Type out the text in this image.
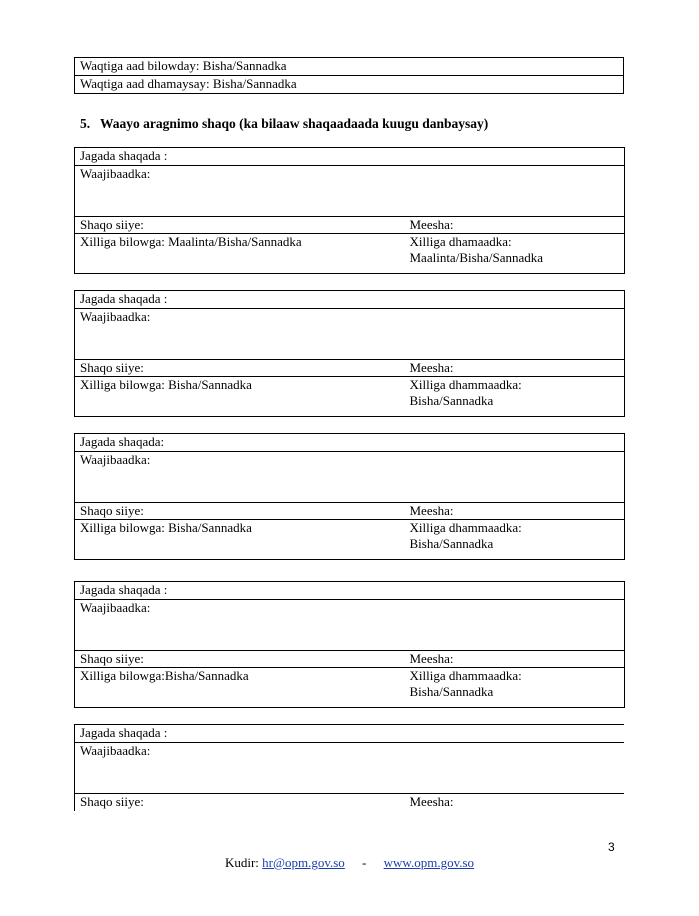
Waqtiga aad bilowday: Bisha/Sannadka
Waqtiga aad dhamaysay: Bisha/Sannadka
5. Waayo aragnimo shaqo (ka bilaaw shaqaadaada kuugu danbaysay)
Jagada shaqada :	
Waajibaadka:	
Shaqo siiye:	Meesha:
Xilliga bilowga: Maalinta/Bisha/Sannadka	Xilliga dhamaadka:
Maalinta/Bisha/Sannadka
Jagada shaqada :	
Waajibaadka:	
Shaqo siiye:	Meesha:
Xilliga bilowga: Bisha/Sannadka	Xilliga dhammaadka:
Bisha/Sannadka
Jagada shaqada:	
Waajibaadka:	
Shaqo siiye:	Meesha:
Xilliga bilowga: Bisha/Sannadka	Xilliga dhammaadka:
Bisha/Sannadka
Jagada shaqada :	
Waajibaadka:	
Shaqo siiye:	Meesha:
Xilliga bilowga:Bisha/Sannadka	Xilliga dhammaadka:
Bisha/Sannadka
Jagada shaqada :
Waajibaadka:
Shaqo siiye:	Meesha:
3
Kudir: hr@opm.gov.so - www.opm.gov.so
